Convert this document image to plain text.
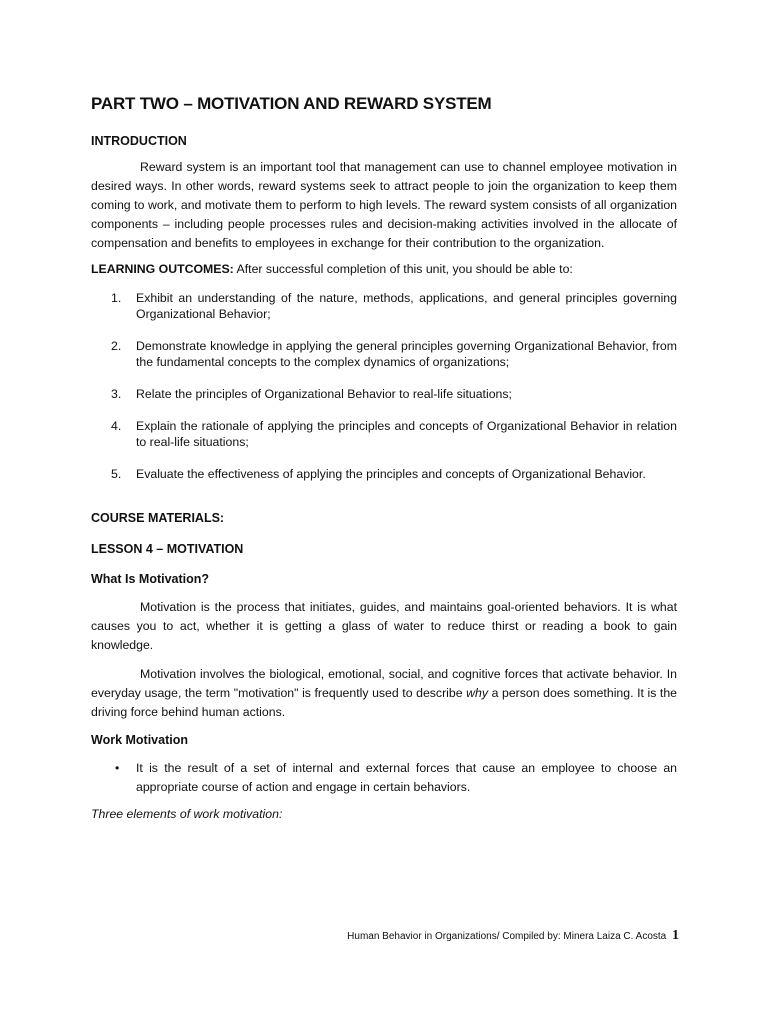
PART TWO – MOTIVATION AND REWARD SYSTEM
INTRODUCTION

Reward system is an important tool that management can use to channel employee motivation in desired ways. In other words, reward systems seek to attract people to join the organization to keep them coming to work, and motivate them to perform to high levels. The reward system consists of all organization components – including people processes rules and decision-making activities involved in the allocate of compensation and benefits to employees in exchange for their contribution to the organization.

LEARNING OUTCOMES: After successful completion of this unit, you should be able to:

1. Exhibit an understanding of the nature, methods, applications, and general principles governing Organizational Behavior;
2. Demonstrate knowledge in applying the general principles governing Organizational Behavior, from the fundamental concepts to the complex dynamics of organizations;
3. Relate the principles of Organizational Behavior to real-life situations;
4. Explain the rationale of applying the principles and concepts of Organizational Behavior in relation to real-life situations;
5. Evaluate the effectiveness of applying the principles and concepts of Organizational Behavior.
COURSE MATERIALS:
LESSON 4 – MOTIVATION
What Is Motivation?

Motivation is the process that initiates, guides, and maintains goal-oriented behaviors. It is what causes you to act, whether it is getting a glass of water to reduce thirst or reading a book to gain knowledge.

Motivation involves the biological, emotional, social, and cognitive forces that activate behavior. In everyday usage, the term "motivation" is frequently used to describe why a person does something. It is the driving force behind human actions.

Work Motivation
• It is the result of a set of internal and external forces that cause an employee to choose an appropriate course of action and engage in certain behaviors.

Three elements of work motivation:

Human Behavior in Organizations/ Compiled by: Minera Laiza C. Acosta 1
